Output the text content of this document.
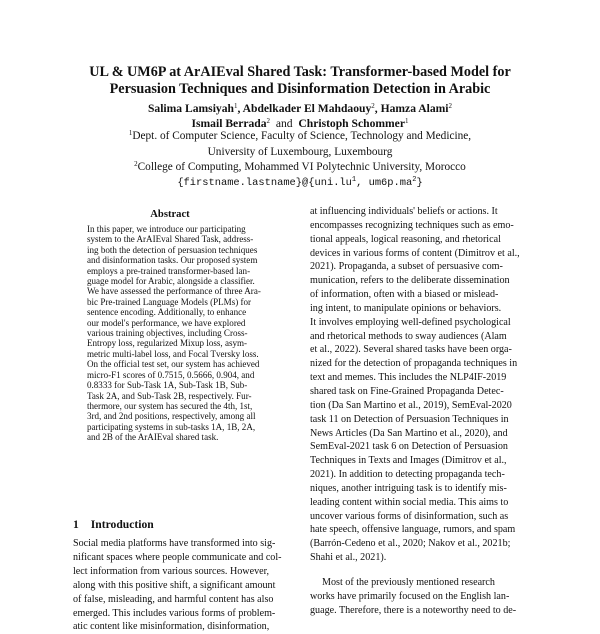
UL & UM6P at ArAIEval Shared Task: Transformer-based Model for
Persuasion Techniques and Disinformation Detection in Arabic
Salima Lamsiyah$^1$, Abdelkader El Mahdaouy$^2$, Hamza Alami$^2$
Ismail Berrada$^2$ and Christoph Schommer$^1$
$^1$Dept. of Computer Science, Faculty of Science, Technology and Medicine,
University of Luxembourg, Luxembourg
$^2$College of Computing, Mohammed VI Polytechnic University, Morocco
$\{firstname.lastname\}@\{uni.lu^1$, $um6p.ma^2$}
Abstract
In this paper, we introduce our participating
system to the ArAIEval Shared Task, address-
ing both the detection of persuasion techniques
and disinformation tasks. Our proposed system
employs a pre-trained transformer-based lan-
guage model for Arabic, alongside a classifier.
We have assessed the performance of three Ara-
bic Pre-trained Language Models (PLMs) for
sentence encoding. Additionally, to enhance
our model's performance, we have explored
various training objectives, including Cross-
Entropy loss, regularized Mixup loss, asym-
metric multi-label loss, and Focal Tversky loss.
On the official test set, our system has achieved
micro-F1 scores of 0.7515, 0.5666, 0.904, and
0.8333 for Sub-Task 1A, Sub-Task 1B, Sub-
Task 2A, and Sub-Task 2B, respectively. Fur-
thermore, our system has secured the 4th, 1st,
3rd, and 2nd positions, respectively, among all
participating systems in sub-tasks 1A, 1B, 2A,
and 2B of the ArAIEval shared task.
1 Introduction
Social media platforms have transformed into sig-
nificant spaces where people communicate and col-
lect information from various sources. However,
along with this positive shift, a significant amount
of false, misleading, and harmful content has also
emerged. This includes various forms of problem-
atic content like misinformation, disinformation,
at influencing individuals' beliefs or actions. It
encompasses recognizing techniques such as emo-
tional appeals, logical reasoning, and rhetorical
devices in various forms of content (Dimitrov et al.,
2021). Propaganda, a subset of persuasive com-
munication, refers to the deliberate dissemination
of information, often with a biased or mislead-
ing intent, to manipulate opinions or behaviors.
It involves employing well-defined psychological
and rhetorical methods to sway audiences (Alam
et al., 2022). Several shared tasks have been orga-
nized for the detection of propaganda techniques in
text and memes. This includes the NLP4IF-2019
shared task on Fine-Grained Propaganda Detec-
tion (Da San Martino et al., 2019), SemEval-2020
task 11 on Detection of Persuasion Techniques in
News Articles (Da San Martino et al., 2020), and
SemEval-2021 task 6 on Detection of Persuasion
Techniques in Texts and Images (Dimitrov et al.,
2021). In addition to detecting propaganda tech-
niques, another intriguing task is to identify mis-
leading content within social media. This aims to
uncover various forms of disinformation, such as
hate speech, offensive language, rumors, and spam
(Barrón-Cedeno et al., 2020; Nakov et al., 2021b;
Shahi et al., 2021).
Most of the previously mentioned research
works have primarily focused on the English lan-
guage. Therefore, there is a noteworthy need to de-
